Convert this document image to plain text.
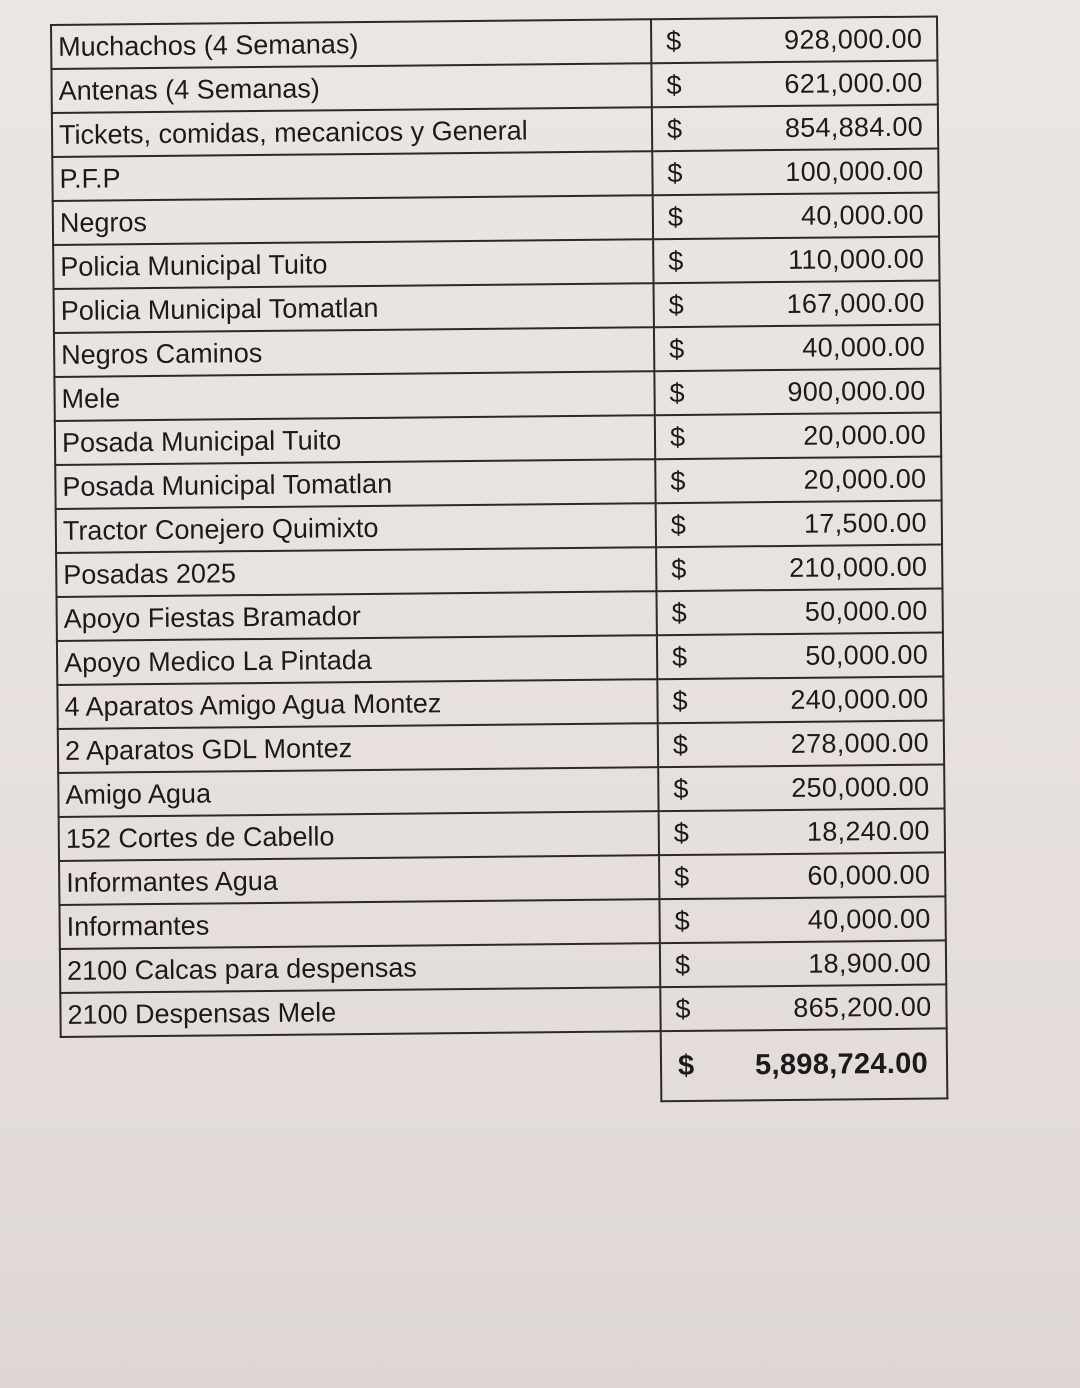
Muchachos (4 Semanas)	$ 928,000.00

Antenas (4 Semanas)	$ 621,000.00

Tickets, comidas, mecanicos y General	$ 854,884.00

P.F.P	$ 100,000.00

Negros	$ 40,000.00

Policia Municipal Tuito	$ 110,000.00

Policia Municipal Tomatlan	$ 167,000.00

Negros Caminos	$ 40,000.00

Mele	$ 900,000.00

Posada Municipal Tuito	$ 20,000.00

Posada Municipal Tomatlan	$ 20,000.00

Tractor Conejero Quimixto	$ 17,500.00

Posadas 2025	$ 210,000.00

Apoyo Fiestas Bramador	$ 50,000.00

Apoyo Medico La Pintada	$ 50,000.00

4 Aparatos Amigo Agua Montez	$ 240,000.00

2 Aparatos GDL Montez	$ 278,000.00

Amigo Agua	$ 250,000.00

152 Cortes de Cabello	$ 18,240.00

Informantes Agua	$ 60,000.00

Informantes	$ 40,000.00

2100 Calcas para despensas	$ 18,900.00

2100 Despensas Mele	$ 865,200.00

	$ 5,898,724.00
